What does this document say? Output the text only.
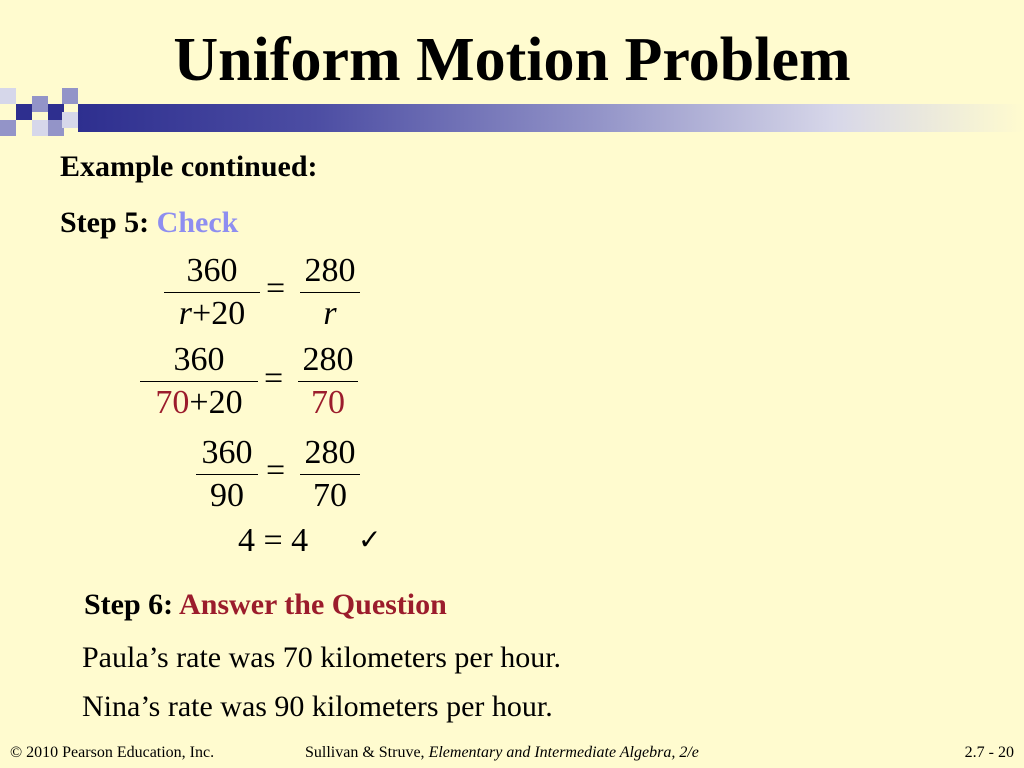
Uniform Motion Problem
Example continued:
Step 5: Check
$\frac{360}{r+20} = \frac{280}{r}$
$\frac{360}{70+20} = \frac{280}{70}$
$\frac{360}{90} = \frac{280}{70}$
4 = 4 ✓
Step 6: Answer the Question
Paula’s rate was 70 kilometers per hour.
Nina’s rate was 90 kilometers per hour.
© 2010 Pearson Education, Inc.	Sullivan & Struve, Elementary and Intermediate Algebra, 2/e	2.7 - 20
